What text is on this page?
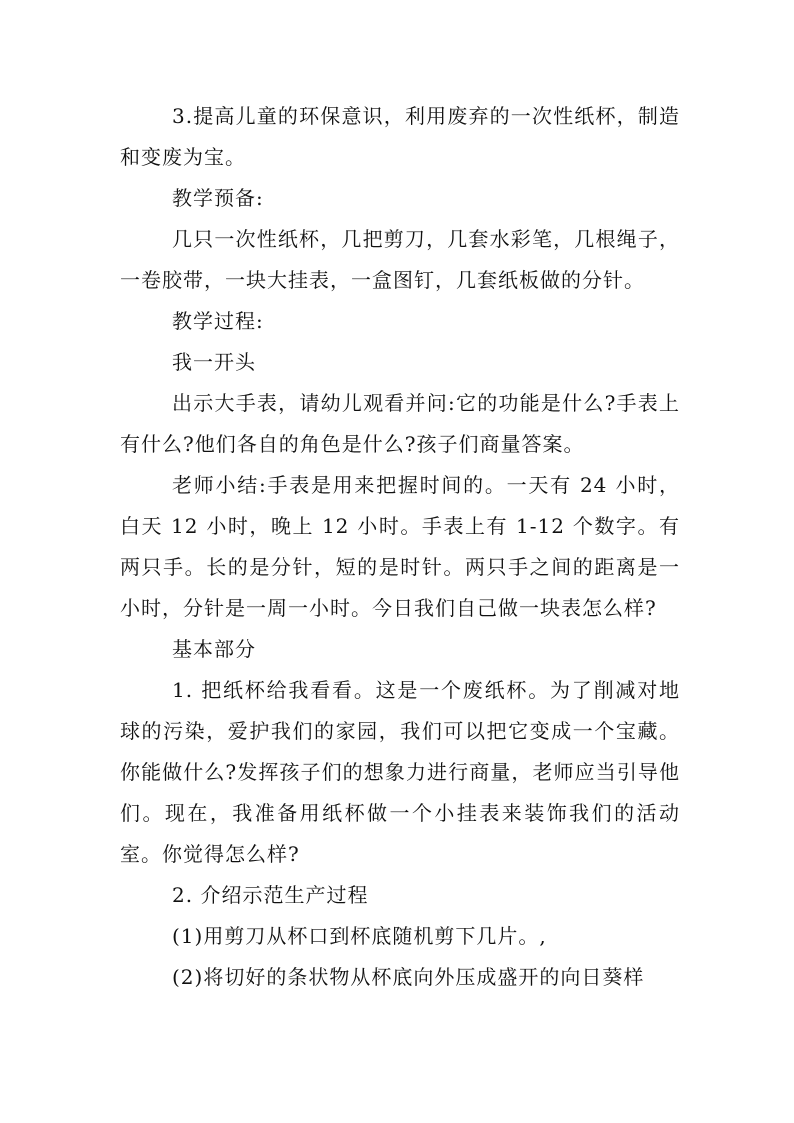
3.提高儿童的环保意识，利用废弃的一次性纸杯，制造和变废为宝。

教学预备:

几只一次性纸杯，几把剪刀，几套水彩笔，几根绳子，一卷胶带，一块大挂表，一盒图钉，几套纸板做的分针。

教学过程:

我一开头

出示大手表，请幼儿观看并问:它的功能是什么?手表上有什么?他们各自的角色是什么?孩子们商量答案。

老师小结:手表是用来把握时间的。一天有 24 小时，白天 12 小时，晚上 12 小时。手表上有 1-12 个数字。有两只手。长的是分针，短的是时针。两只手之间的距离是一小时，分针是一周一小时。今日我们自己做一块表怎么样?

基本部分

1. 把纸杯给我看看。这是一个废纸杯。为了削减对地球的污染，爱护我们的家园，我们可以把它变成一个宝藏。你能做什么?发挥孩子们的想象力进行商量，老师应当引导他们。现在，我准备用纸杯做一个小挂表来装饰我们的活动室。你觉得怎么样?

2. 介绍示范生产过程

(1)用剪刀从杯口到杯底随机剪下几片。,

(2)将切好的条状物从杯底向外压成盛开的向日葵样
